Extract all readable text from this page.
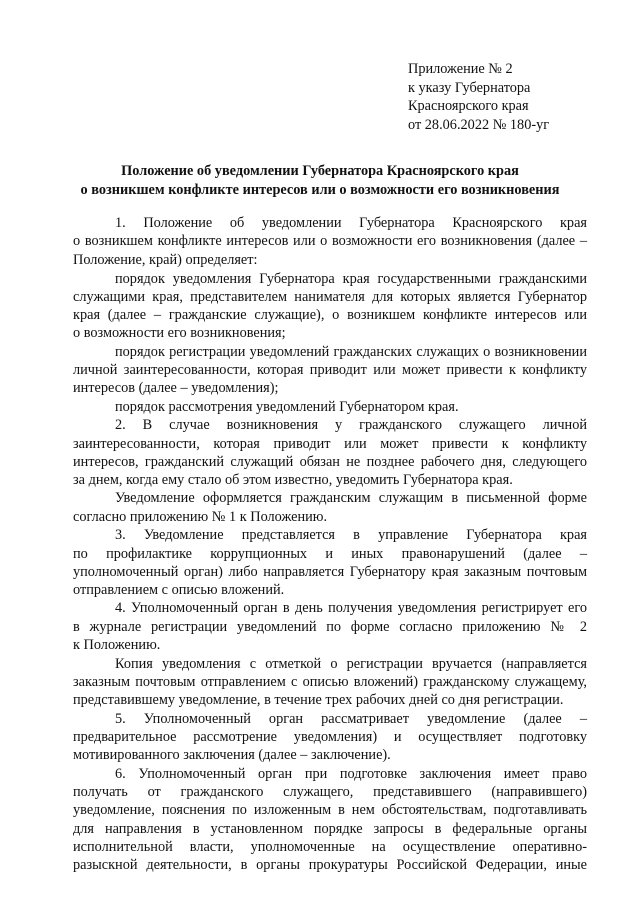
Приложение № 2
к указу Губернатора
Красноярского края
от 28.06.2022 № 180-уг
Положение об уведомлении Губернатора Красноярского края
о возникшем конфликте интересов или о возможности его возникновения
1. Положение об уведомлении Губернатора Красноярского края
о возникшем конфликте интересов или о возможности его возникновения (далее –
Положение, край) определяет:
порядок уведомления Губернатора края государственными гражданскими
служащими края, представителем нанимателя для которых является Губернатор
края (далее – гражданские служащие), о возникшем конфликте интересов или
о возможности его возникновения;
порядок регистрации уведомлений гражданских служащих о возникновении
личной заинтересованности, которая приводит или может привести к конфликту
интересов (далее – уведомления);
порядок рассмотрения уведомлений Губернатором края.
2. В случае возникновения у гражданского служащего личной
заинтересованности, которая приводит или может привести к конфликту
интересов, гражданский служащий обязан не позднее рабочего дня, следующего
за днем, когда ему стало об этом известно, уведомить Губернатора края.
Уведомление оформляется гражданским служащим в письменной форме
согласно приложению № 1 к Положению.
3. Уведомление представляется в управление Губернатора края
по профилактике коррупционных и иных правонарушений (далее –
уполномоченный орган) либо направляется Губернатору края заказным почтовым
отправлением с описью вложений.
4. Уполномоченный орган в день получения уведомления регистрирует его
в журнале регистрации уведомлений по форме согласно приложению № 2
к Положению.
Копия уведомления с отметкой о регистрации вручается (направляется
заказным почтовым отправлением с описью вложений) гражданскому служащему,
представившему уведомление, в течение трех рабочих дней со дня регистрации.
5. Уполномоченный орган рассматривает уведомление (далее –
предварительное рассмотрение уведомления) и осуществляет подготовку
мотивированного заключения (далее – заключение).
6. Уполномоченный орган при подготовке заключения имеет право
получать от гражданского служащего, представившего (направившего)
уведомление, пояснения по изложенным в нем обстоятельствам, подготавливать
для направления в установленном порядке запросы в федеральные органы
исполнительной власти, уполномоченные на осуществление оперативно-
разыскной деятельности, в органы прокуратуры Российской Федерации, иные
